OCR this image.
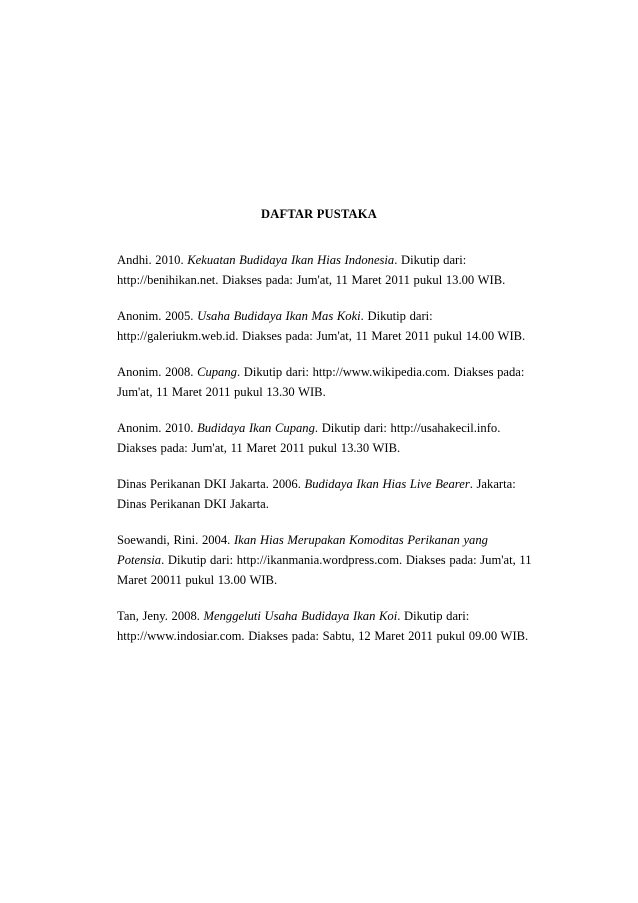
DAFTAR PUSTAKA

Andhi. 2010. Kekuatan Budidaya Ikan Hias Indonesia. Dikutip dari:
http://benihikan.net. Diakses pada: Jum'at, 11 Maret 2011 pukul 13.00 WIB.

Anonim. 2005. Usaha Budidaya Ikan Mas Koki. Dikutip dari:
http://galeriukm.web.id. Diakses pada: Jum'at, 11 Maret 2011 pukul 14.00 WIB.

Anonim. 2008. Cupang. Dikutip dari: http://www.wikipedia.com. Diakses pada:
Jum'at, 11 Maret 2011 pukul 13.30 WIB.

Anonim. 2010. Budidaya Ikan Cupang. Dikutip dari: http://usahakecil.info.
Diakses pada: Jum'at, 11 Maret 2011 pukul 13.30 WIB.

Dinas Perikanan DKI Jakarta. 2006. Budidaya Ikan Hias Live Bearer. Jakarta:
Dinas Perikanan DKI Jakarta.

Soewandi, Rini. 2004. Ikan Hias Merupakan Komoditas Perikanan yang
Potensia. Dikutip dari: http://ikanmania.wordpress.com. Diakses pada: Jum'at, 11
Maret 20011 pukul 13.00 WIB.

Tan, Jeny. 2008. Menggeluti Usaha Budidaya Ikan Koi. Dikutip dari:
http://www.indosiar.com. Diakses pada: Sabtu, 12 Maret 2011 pukul 09.00 WIB.
